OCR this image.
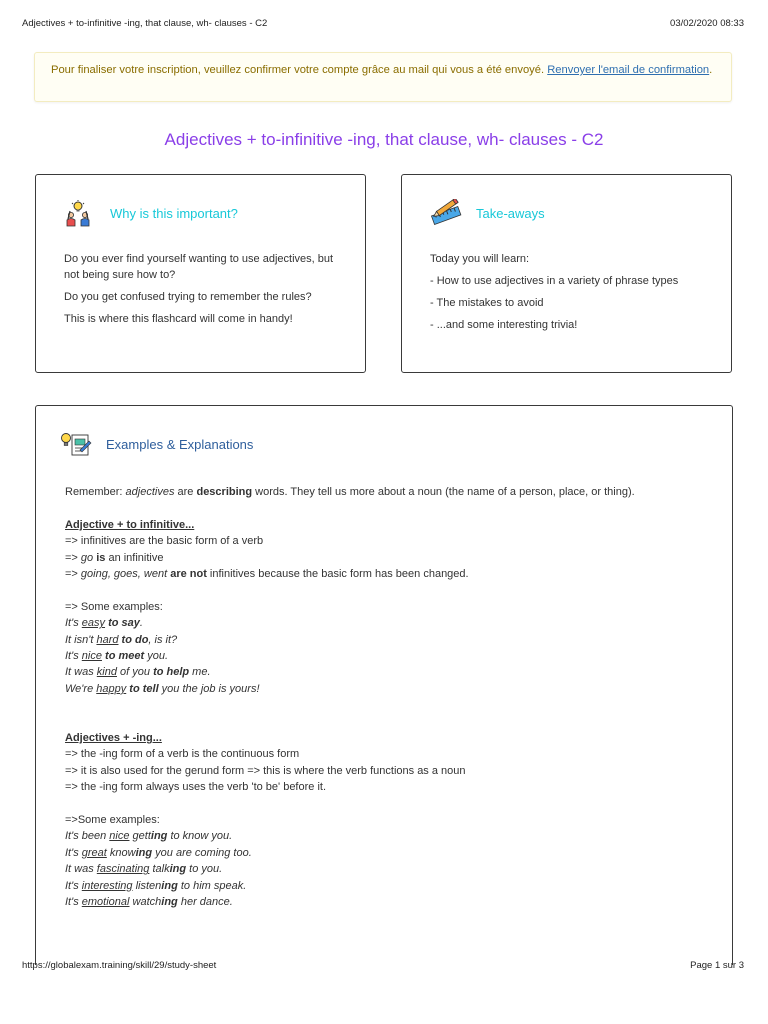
Adjectives + to-infinitive -ing, that clause, wh- clauses - C2	03/02/2020 08:33
Pour finaliser votre inscription, veuillez confirmer votre compte grâce au mail qui vous a été envoyé. Renvoyer l'email de confirmation.
Adjectives + to-infinitive -ing, that clause, wh- clauses - C2
Why is this important?

Do you ever find yourself wanting to use adjectives, but not being sure how to?

Do you get confused trying to remember the rules?

This is where this flashcard will come in handy!

Take-aways

Today you will learn:

- How to use adjectives in a variety of phrase types

- The mistakes to avoid

- ...and some interesting trivia!

Examples & Explanations
Remember: adjectives are describing words. They tell us more about a noun (the name of a person, place, or thing).
Adjective + to infinitive...
=> infinitives are the basic form of a verb
=> go is an infinitive
=> going, goes, went are not infinitives because the basic form has been changed.
=> Some examples:
It's easy to say.
It isn't hard to do, is it?
It's nice to meet you.
It was kind of you to help me.
We're happy to tell you the job is yours!
Adjectives + -ing...
=> the -ing form of a verb is the continuous form
=> it is also used for the gerund form => this is where the verb functions as a noun
=> the -ing form always uses the verb 'to be' before it.
=>Some examples:
It's been nice getting to know you.
It's great knowing you are coming too.
It was fascinating talking to you.
It's interesting listening to him speak.
It's emotional watching her dance.
https://globalexam.training/skill/29/study-sheet	Page 1 sur 3
